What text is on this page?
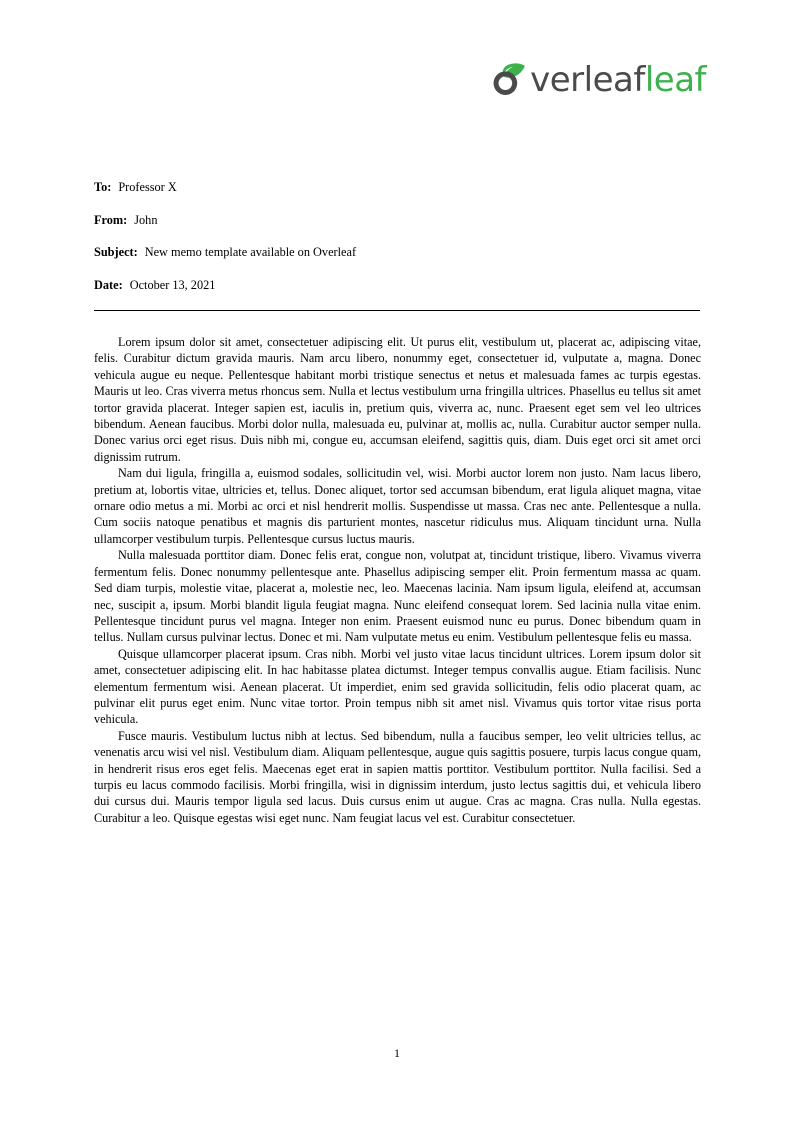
verleafleaf
To: Professor X
From: John
Subject: New memo template available on Overleaf
Date: October 13, 2021

Lorem ipsum dolor sit amet, consectetuer adipiscing elit. Ut purus elit, vestibulum ut, placerat ac, adipiscing vitae, felis. Curabitur dictum gravida mauris. Nam arcu libero, nonummy eget, consectetuer id, vulputate a, magna. Donec vehicula augue eu neque. Pellentesque habitant morbi tristique senectus et netus et malesuada fames ac turpis egestas. Mauris ut leo. Cras viverra metus rhoncus sem. Nulla et lectus vestibulum urna fringilla ultrices. Phasellus eu tellus sit amet tortor gravida placerat. Integer sapien est, iaculis in, pretium quis, viverra ac, nunc. Praesent eget sem vel leo ultrices bibendum. Aenean faucibus. Morbi dolor nulla, malesuada eu, pulvinar at, mollis ac, nulla. Curabitur auctor semper nulla. Donec varius orci eget risus. Duis nibh mi, congue eu, accumsan eleifend, sagittis quis, diam. Duis eget orci sit amet orci dignissim rutrum.

Nam dui ligula, fringilla a, euismod sodales, sollicitudin vel, wisi. Morbi auctor lorem non justo. Nam lacus libero, pretium at, lobortis vitae, ultricies et, tellus. Donec aliquet, tortor sed accumsan bibendum, erat ligula aliquet magna, vitae ornare odio metus a mi. Morbi ac orci et nisl hendrerit mollis. Suspendisse ut massa. Cras nec ante. Pellentesque a nulla. Cum sociis natoque penatibus et magnis dis parturient montes, nascetur ridiculus mus. Aliquam tincidunt urna. Nulla ullamcorper vestibulum turpis. Pellentesque cursus luctus mauris.

Nulla malesuada porttitor diam. Donec felis erat, congue non, volutpat at, tincidunt tristique, libero. Vivamus viverra fermentum felis. Donec nonummy pellentesque ante. Phasellus adipiscing semper elit. Proin fermentum massa ac quam. Sed diam turpis, molestie vitae, placerat a, molestie nec, leo. Maecenas lacinia. Nam ipsum ligula, eleifend at, accumsan nec, suscipit a, ipsum. Morbi blandit ligula feugiat magna. Nunc eleifend consequat lorem. Sed lacinia nulla vitae enim. Pellentesque tincidunt purus vel magna. Integer non enim. Praesent euismod nunc eu purus. Donec bibendum quam in tellus. Nullam cursus pulvinar lectus. Donec et mi. Nam vulputate metus eu enim. Vestibulum pellentesque felis eu massa.

Quisque ullamcorper placerat ipsum. Cras nibh. Morbi vel justo vitae lacus tincidunt ultrices. Lorem ipsum dolor sit amet, consectetuer adipiscing elit. In hac habitasse platea dictumst. Integer tempus convallis augue. Etiam facilisis. Nunc elementum fermentum wisi. Aenean placerat. Ut imperdiet, enim sed gravida sollicitudin, felis odio placerat quam, ac pulvinar elit purus eget enim. Nunc vitae tortor. Proin tempus nibh sit amet nisl. Vivamus quis tortor vitae risus porta vehicula.

Fusce mauris. Vestibulum luctus nibh at lectus. Sed bibendum, nulla a faucibus semper, leo velit ultricies tellus, ac venenatis arcu wisi vel nisl. Vestibulum diam. Aliquam pellentesque, augue quis sagittis posuere, turpis lacus congue quam, in hendrerit risus eros eget felis. Maecenas eget erat in sapien mattis porttitor. Vestibulum porttitor. Nulla facilisi. Sed a turpis eu lacus commodo facilisis. Morbi fringilla, wisi in dignissim interdum, justo lectus sagittis dui, et vehicula libero dui cursus dui. Mauris tempor ligula sed lacus. Duis cursus enim ut augue. Cras ac magna. Cras nulla. Nulla egestas. Curabitur a leo. Quisque egestas wisi eget nunc. Nam feugiat lacus vel est. Curabitur consectetuer.

1
